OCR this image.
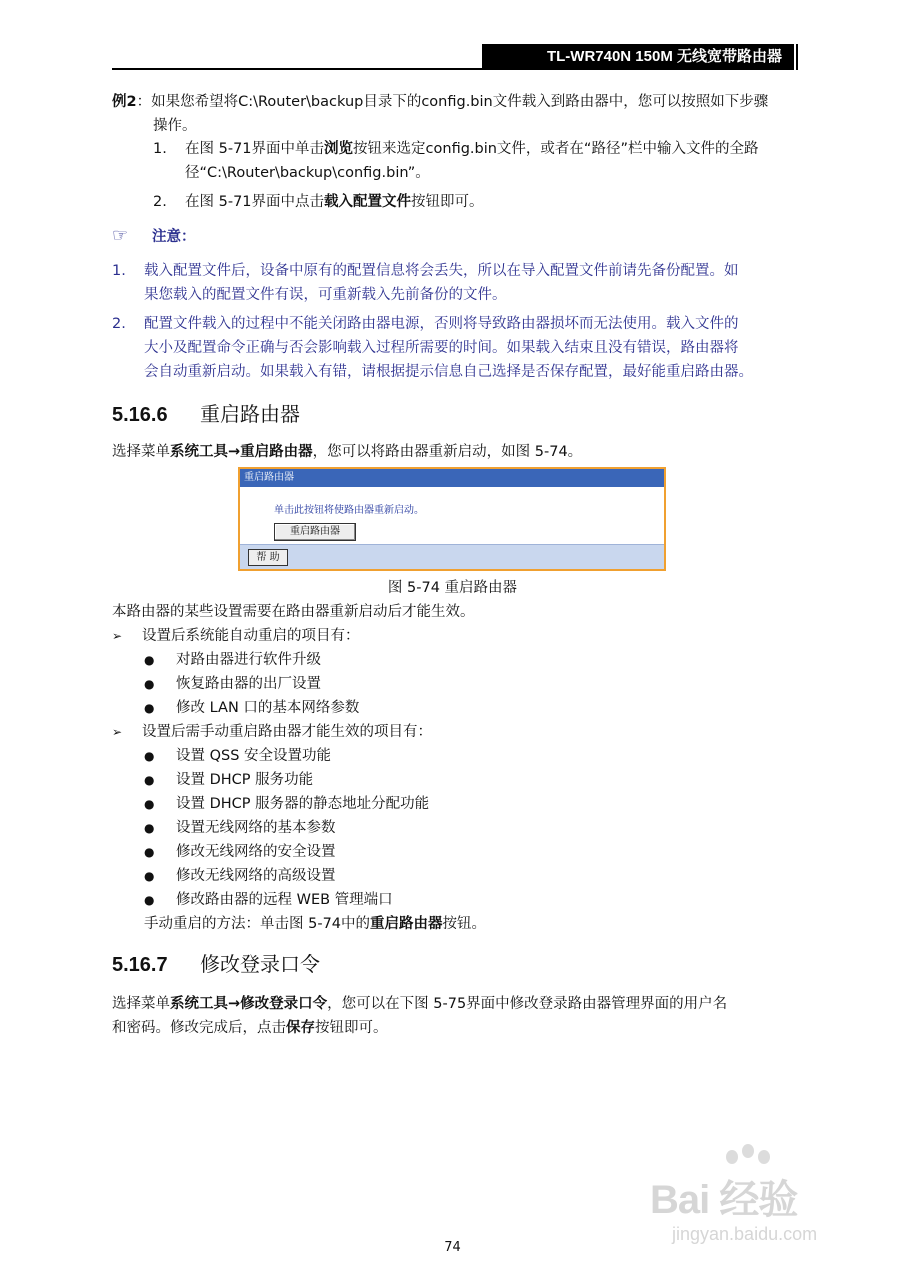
TL-WR740N 150M 无线宽带路由器
例2：如果您希望将C:\Router\backup目录下的config.bin文件载入到路由器中，您可以按照如下步骤
操作。
1. 在图 5-71界面中单击浏览按钮来选定config.bin文件，或者在“路径”栏中输入文件的全路
径“C:\Router\backup\config.bin”。
2. 在图 5-71界面中点击载入配置文件按钮即可。
☞ 注意：
1. 载入配置文件后，设备中原有的配置信息将会丢失，所以在导入配置文件前请先备份配置。如
果您载入的配置文件有误，可重新载入先前备份的文件。
2. 配置文件载入的过程中不能关闭路由器电源，否则将导致路由器损坏而无法使用。载入文件的
大小及配置命令正确与否会影响载入过程所需要的时间。如果载入结束且没有错误，路由器将
会自动重新启动。如果载入有错，请根据提示信息自己选择是否保存配置，最好能重启路由器。
5.16.6 重启路由器
选择菜单系统工具→重启路由器，您可以将路由器重新启动，如图 5-74。
重启路由器
单击此按钮将使路由器重新启动。
重启路由器
帮 助
图 5-74 重启路由器
本路由器的某些设置需要在路由器重新启动后才能生效。
➢ 设置后系统能自动重启的项目有：
● 对路由器进行软件升级
● 恢复路由器的出厂设置
● 修改 LAN 口的基本网络参数
➢ 设置后需手动重启路由器才能生效的项目有：
● 设置 QSS 安全设置功能
● 设置 DHCP 服务功能
● 设置 DHCP 服务器的静态地址分配功能
● 设置无线网络的基本参数
● 修改无线网络的安全设置
● 修改无线网络的高级设置
● 修改路由器的远程 WEB 管理端口
手动重启的方法：单击图 5-74中的重启路由器按钮。
5.16.7 修改登录口令
选择菜单系统工具→修改登录口令，您可以在下图 5-75界面中修改登录路由器管理界面的用户名
和密码。修改完成后，点击保存按钮即可。
Bai 经验
jingyan.baidu.com
74
